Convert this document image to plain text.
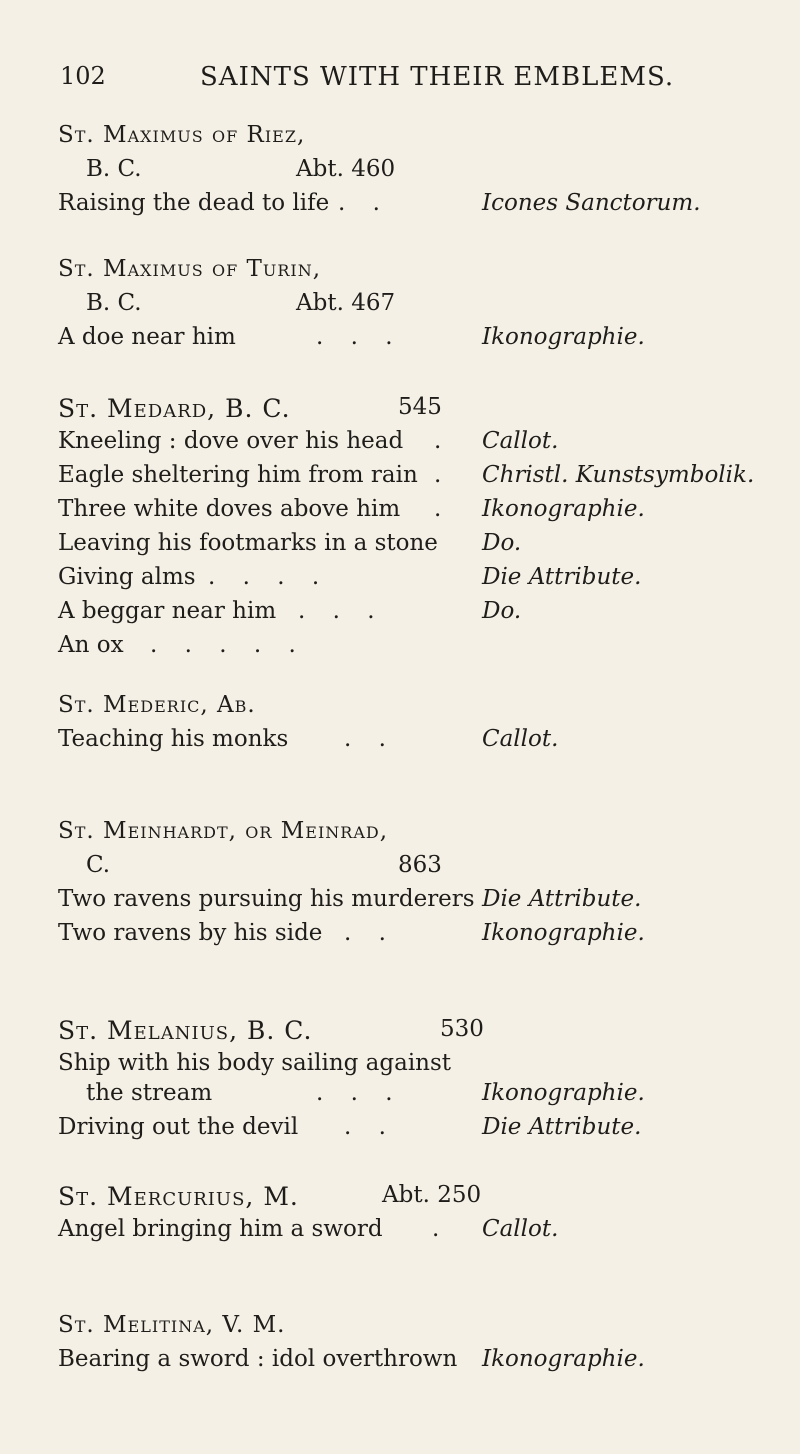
102	SAINTS WITH THEIR EMBLEMS.
St. Maximus of Riez,
B. C.	Abt. 460
Raising the dead to life . .	Icones Sanctorum.
St. Maximus of Turin,
B. C.	Abt. 467
A doe near him	. . .	Ikonographie.
St. Medard, B. C.	545
Kneeling : dove over his head . Callot.
Eagle sheltering him from rain . Christl. Kunstsymbolik.
Three white doves above him . Ikonographie.
Leaving his footmarks in a stone Do.
Giving alms . . . .	Die Attribute.
A beggar near him . . .	Do.
An ox . . . . .
St. Mederic, Ab.
Teaching his monks . .	Callot.
St. Meinhardt, or Meinrad,
C.	863
Two ravens pursuing his murderers Die Attribute.
Two ravens by his side . .	Ikonographie.
St. Melanius, B. C.	530
Ship with his body sailing against
the stream	. . .	Ikonographie.
Driving out the devil . .	Die Attribute.
St. Mercurius, M.	Abt. 250
Angel bringing him a sword . Callot.
St. Melitina, V. M.
Bearing a sword : idol overthrown Ikonographie.
